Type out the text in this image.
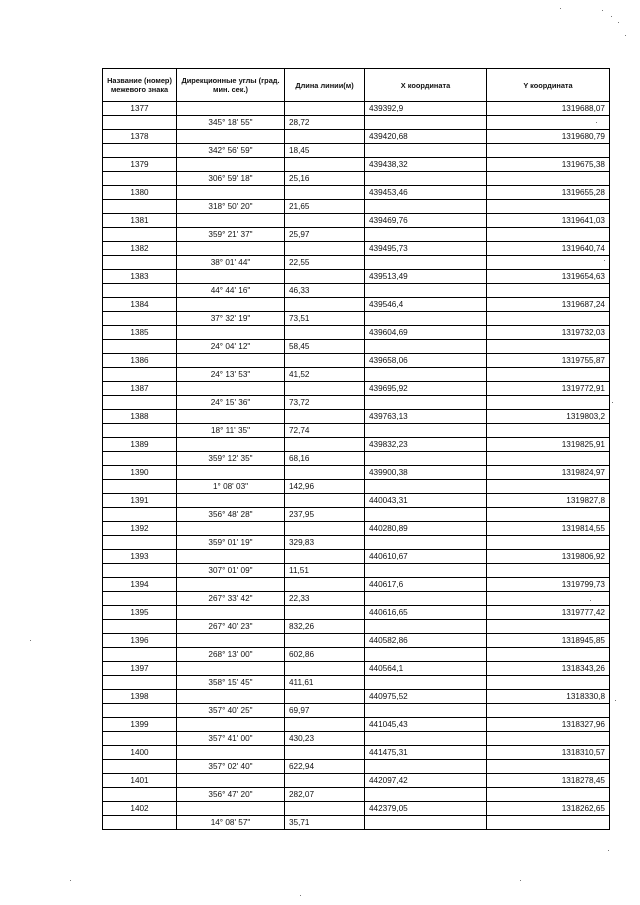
Название (номер) межевого знака	Дирекционные углы (град. мин. сек.)	Длина линии(м)	X координата	Y координата
1377			439392,9	1319688,07
	345° 18' 55"	28,72		
1378			439420,68	1319680,79
	342° 56' 59"	18,45		
1379			439438,32	1319675,38
	306° 59' 18"	25,16		
1380			439453,46	1319655,28
	318° 50' 20"	21,65		
1381			439469,76	1319641,03
	359° 21' 37"	25,97		
1382			439495,73	1319640,74
	38° 01' 44"	22,55		
1383			439513,49	1319654,63
	44° 44' 16"	46,33		
1384			439546,4	1319687,24
	37° 32' 19"	73,51		
1385			439604,69	1319732,03
	24° 04' 12"	58,45		
1386			439658,06	1319755,87
	24° 13' 53"	41,52		
1387			439695,92	1319772,91
	24° 15' 36"	73,72		
1388			439763,13	1319803,2
	18° 11' 35"	72,74		
1389			439832,23	1319825,91
	359° 12' 35"	68,16		
1390			439900,38	1319824,97
	1° 08' 03"	142,96		
1391			440043,31	1319827,8
	356° 48' 28"	237,95		
1392			440280,89	1319814,55
	359° 01' 19"	329,83		
1393			440610,67	1319806,92
	307° 01' 09"	11,51		
1394			440617,6	1319799,73
	267° 33' 42"	22,33		
1395			440616,65	1319777,42
	267° 40' 23"	832,26		
1396			440582,86	1318945,85
	268° 13' 00"	602,86		
1397			440564,1	1318343,26
	358° 15' 45"	411,61		
1398			440975,52	1318330,8
	357° 40' 25"	69,97		
1399			441045,43	1318327,96
	357° 41' 00"	430,23		
1400			441475,31	1318310,57
	357° 02' 40"	622,94		
1401			442097,42	1318278,45
	356° 47' 20"	282,07		
1402			442379,05	1318262,65
	14° 08' 57"	35,71		
